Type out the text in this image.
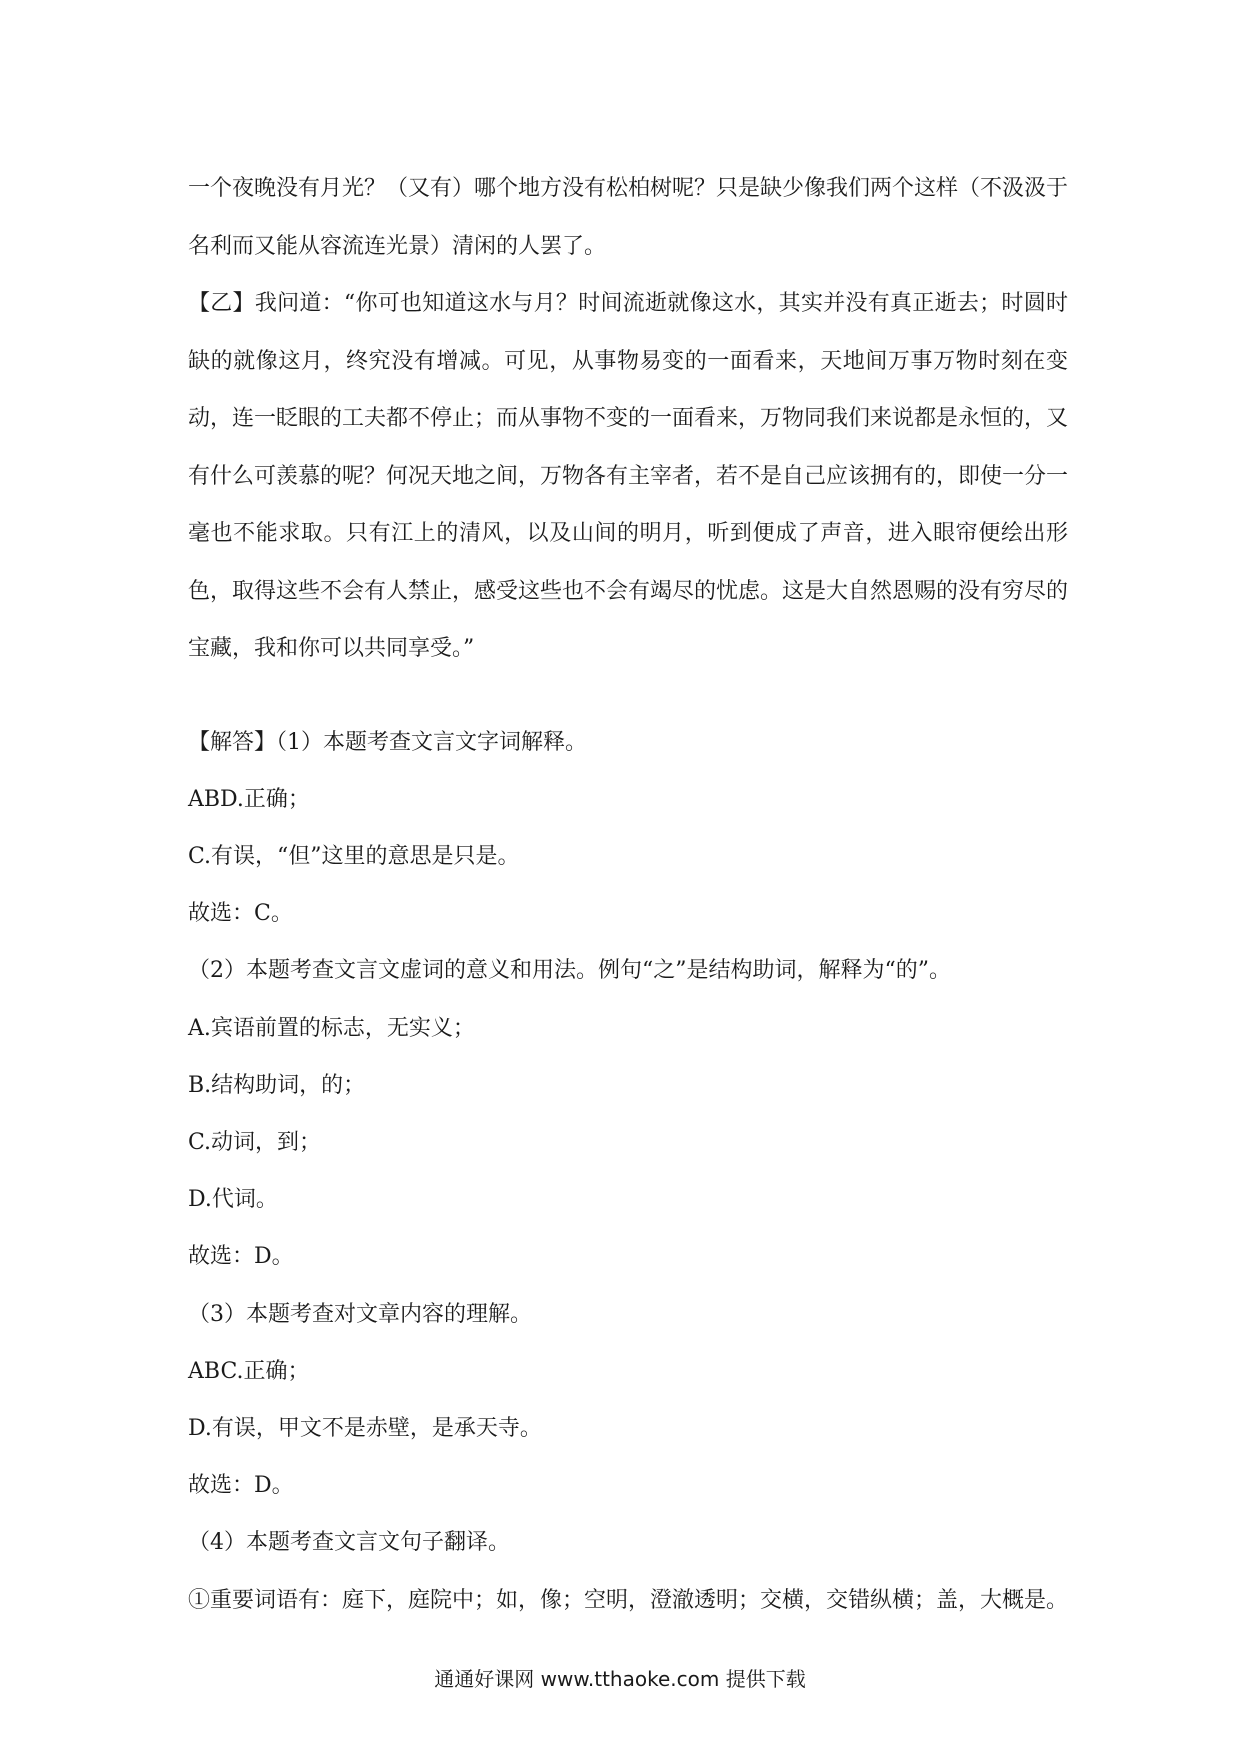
一个夜晚没有月光？（又有）哪个地方没有松柏树呢？只是缺少像我们两个这样（不汲汲于名利而又能从容流连光景）清闲的人罢了。

【乙】我问道：“你可也知道这水与月？时间流逝就像这水，其实并没有真正逝去；时圆时缺的就像这月，终究没有增减。可见，从事物易变的一面看来，天地间万事万物时刻在变动，连一眨眼的工夫都不停止；而从事物不变的一面看来，万物同我们来说都是永恒的，又有什么可羡慕的呢？何况天地之间，万物各有主宰者，若不是自己应该拥有的，即使一分一毫也不能求取。只有江上的清风，以及山间的明月，听到便成了声音，进入眼帘便绘出形色，取得这些不会有人禁止，感受这些也不会有竭尽的忧虑。这是大自然恩赐的没有穷尽的宝藏，我和你可以共同享受。”

【解答】（1）本题考查文言文字词解释。

ABD.正确；

C.有误，“但”这里的意思是只是。

故选：C。

（2）本题考查文言文虚词的意义和用法。例句“之”是结构助词，解释为“的”。

A.宾语前置的标志，无实义；

B.结构助词，的；

C.动词，到；

D.代词。

故选：D。

（3）本题考查对文章内容的理解。

ABC.正确；

D.有误，甲文不是赤壁，是承天寺。

故选：D。

（4）本题考查文言文句子翻译。

①重要词语有：庭下，庭院中；如，像；空明，澄澈透明；交横，交错纵横；盖，大概是。

通通好课网 www.tthaoke.com 提供下载
